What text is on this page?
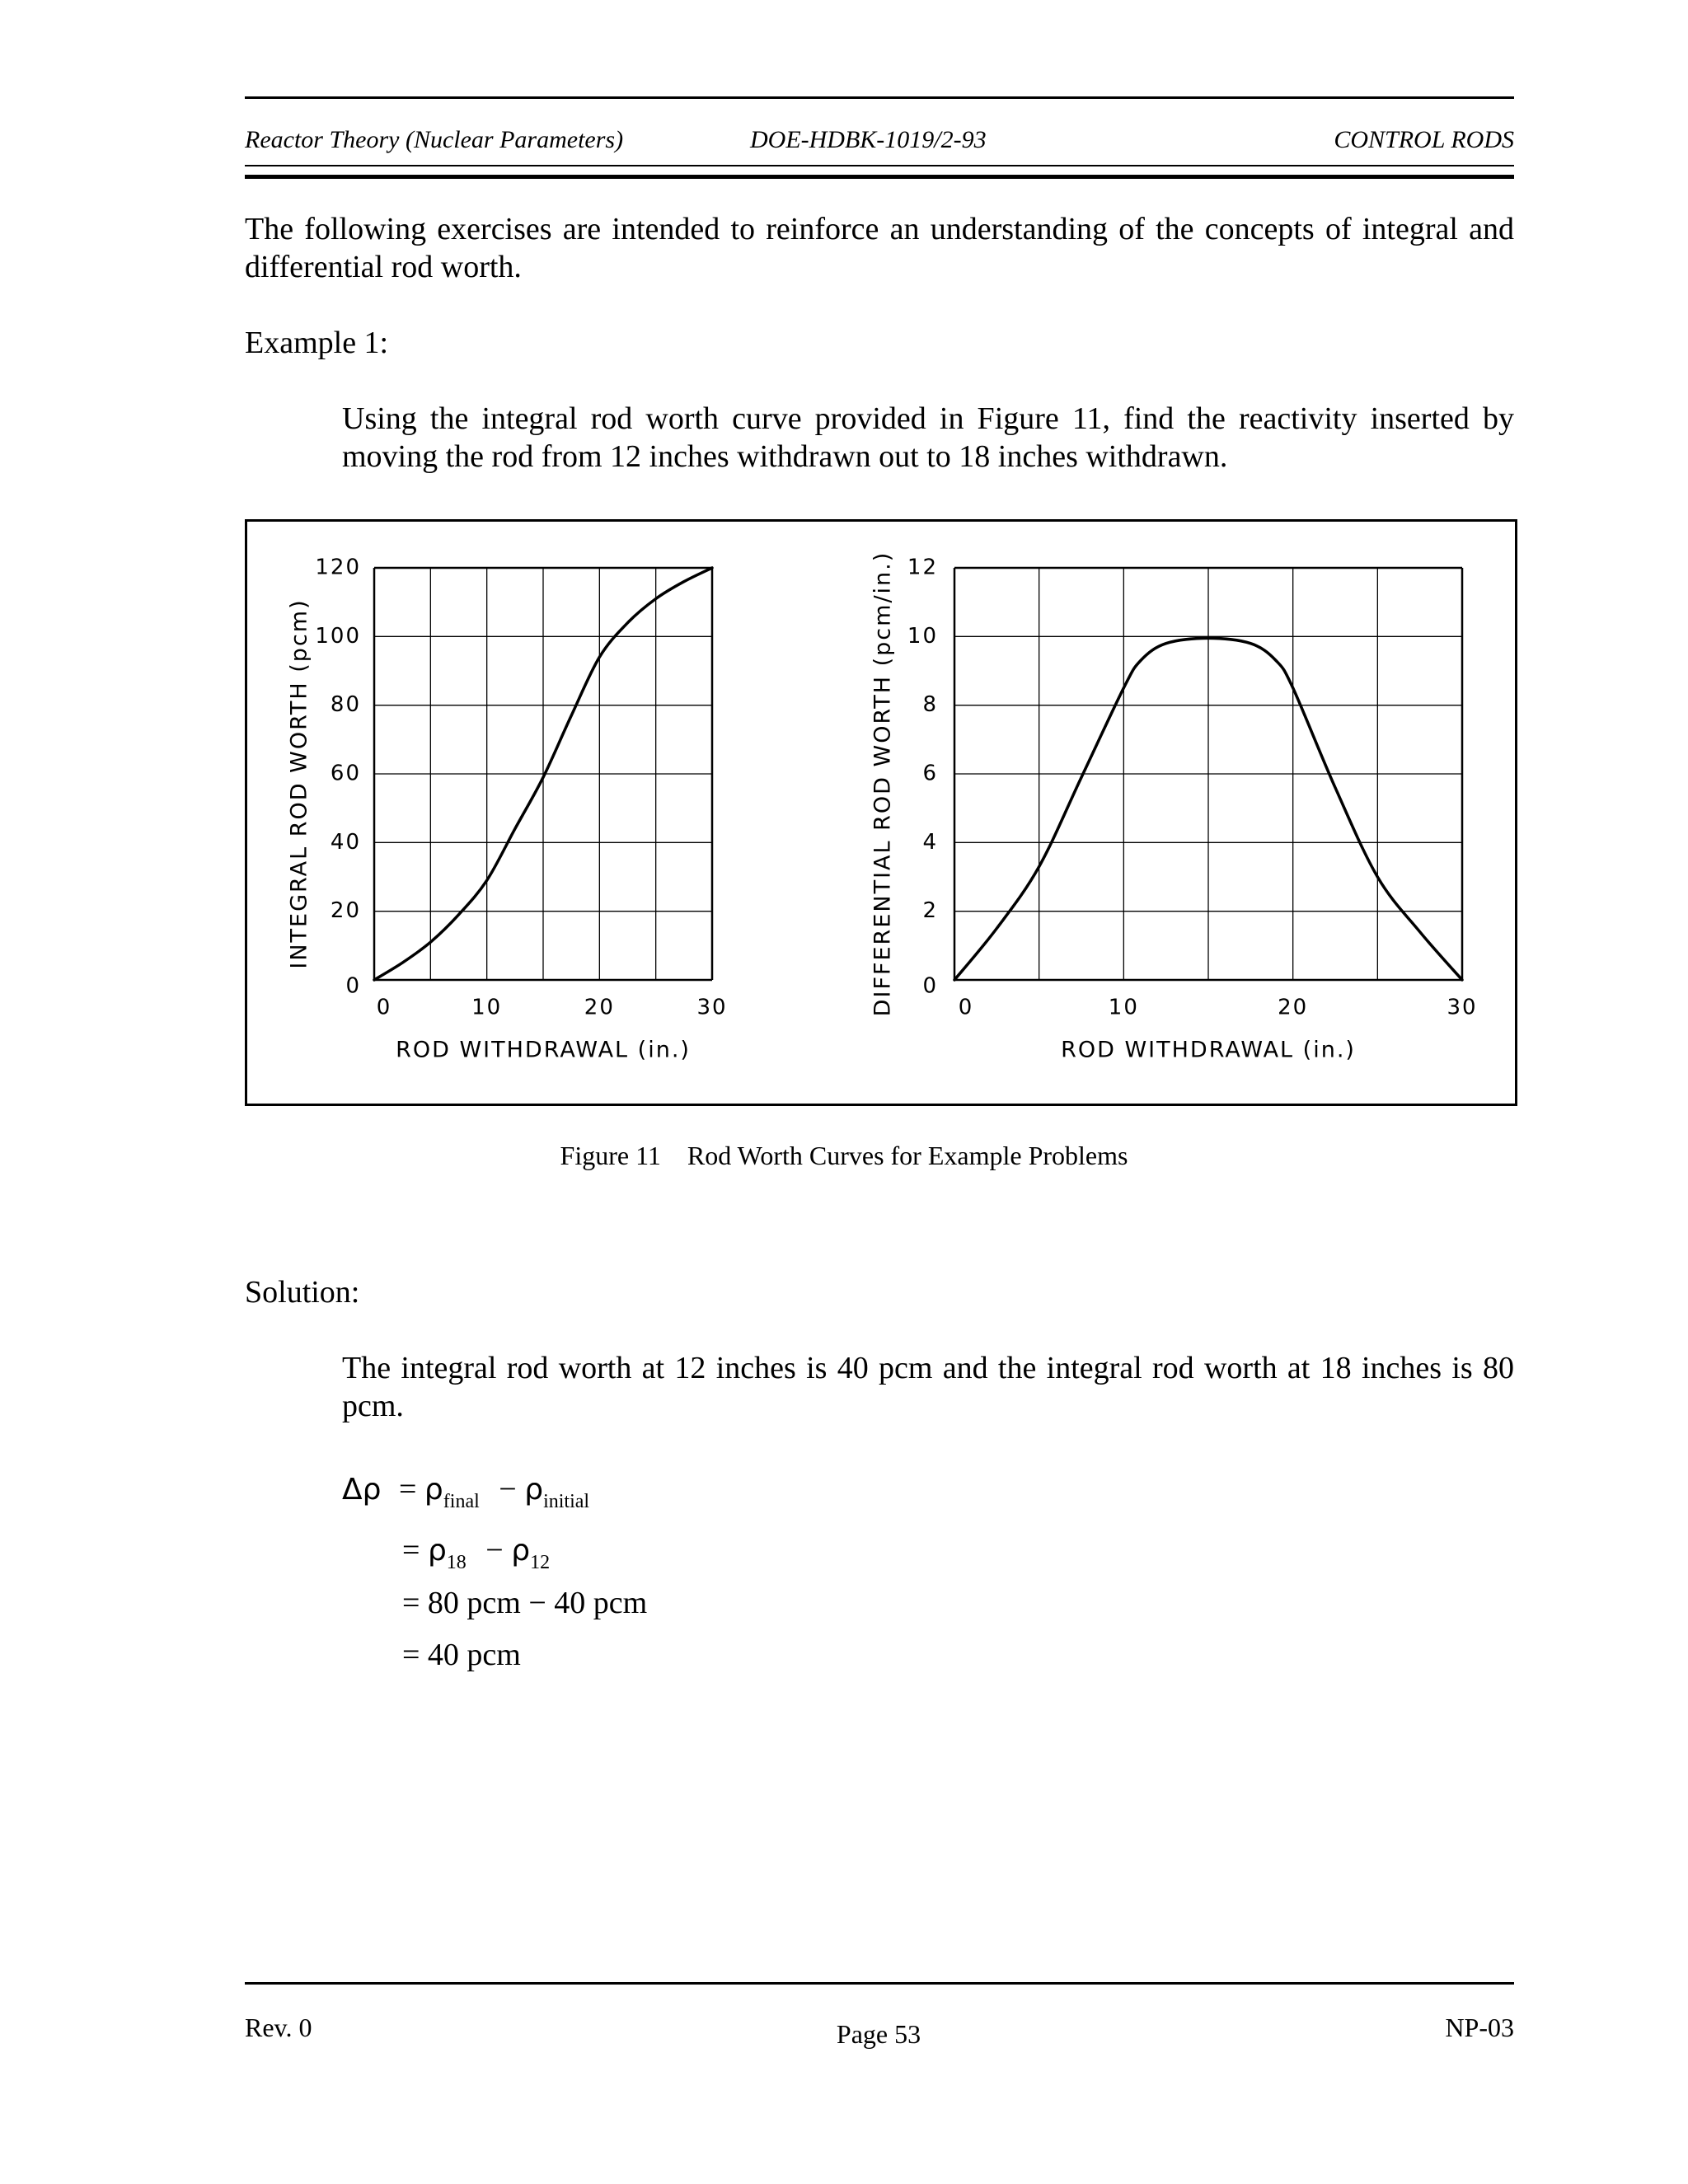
Reactor Theory (Nuclear Parameters)	DOE-HDBK-1019/2-93	CONTROL RODS
The following exercises are intended to reinforce an understanding of the concepts of integral and differential rod worth.
Example 1:
Using the integral rod worth curve provided in Figure 11, find the reactivity inserted by moving the rod from 12 inches withdrawn out to 18 inches withdrawn.
0
20
40
60
80
100
120
0	10	20	30
ROD WITHDRAWAL (in.)
INTEGRAL ROD WORTH (pcm)
0
2
4
6
8
10
12
0	10	20	30
ROD WITHDRAWAL (in.)
DIFFERENTIAL ROD WORTH (pcm/in.)
Figure 11    Rod Worth Curves for Example Problems
Solution:
The integral rod worth at 12 inches is 40 pcm and the integral rod worth at 18 inches is 80 pcm.
$\Delta\rho = \rho_{final} - \rho_{initial}$
= $\rho_{18} - \rho_{12}$
= 80 pcm − 40 pcm
= 40 pcm
Rev. 0	Page 53	NP-03
